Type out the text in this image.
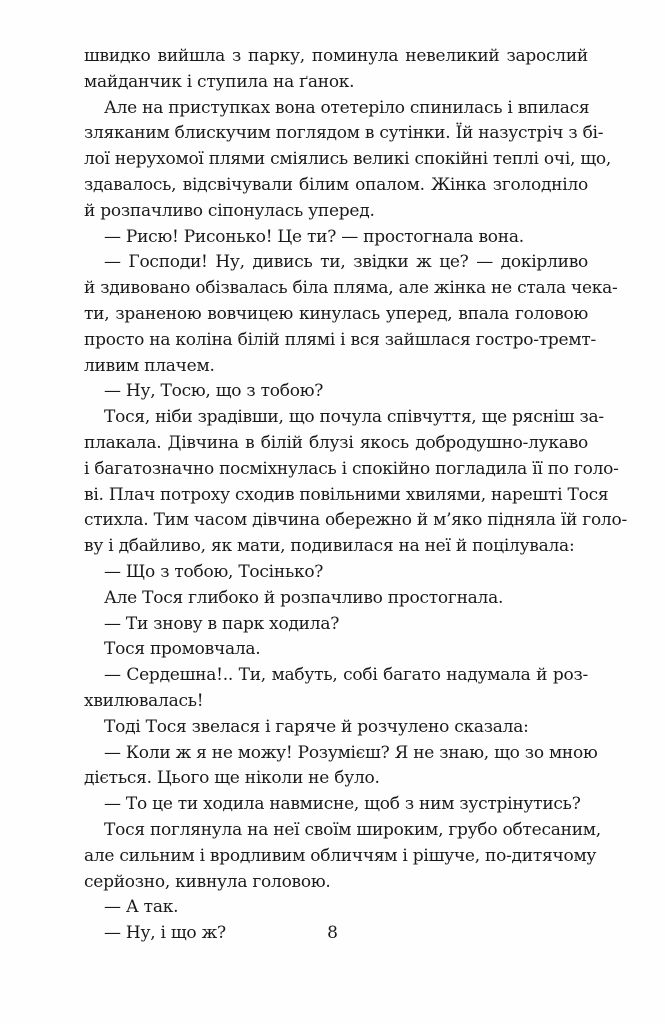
швидко вийшла з парку, поминула невеликий зарослий
майданчик і ступила на ґанок.
Але на приступках вона отетеріло спинилась і впилася
зляканим блискучим поглядом в сутінки. Їй назустріч з бі-
лої нерухомої плями сміялись великі спокійні теплі очі, що,
здавалось, відсвічували білим опалом. Жінка зголодніло
й розпачливо сіпонулась уперед.
— Рисю! Рисонько! Це ти? — простогнала вона.
— Господи! Ну, дивись ти, звідки ж це? — докірливо
й здивовано обізвалась біла пляма, але жінка не стала чека-
ти, зраненою вовчицею кинулась уперед, впала головою
просто на коліна білій плямі і вся зайшлася гостро-тремт-
ливим плачем.
— Ну, Тосю, що з тобою?
Тося, ніби зрадівши, що почула співчуття, ще рясніш за-
плакала. Дівчина в білій блузі якось добродушно-лукаво
і багатозначно посміхнулась і спокійно погладила її по голо-
ві. Плач потроху сходив повільними хвилями, нарешті Тося
стихла. Тим часом дівчина обережно й м’яко підняла їй голо-
ву і дбайливо, як мати, подивилася на неї й поцілувала:
— Що з тобою, Тосінько?
Але Тося глибоко й розпачливо простогнала.
— Ти знову в парк ходила?
Тося промовчала.
— Сердешна!.. Ти, мабуть, собі багато надумала й роз-
хвилювалась!
Тоді Тося звелася і гаряче й розчулено сказала:
— Коли ж я не можу! Розумієш? Я не знаю, що зо мною
діється. Цього ще ніколи не було.
— То це ти ходила навмисне, щоб з ним зустрінутись?
Тося поглянула на неї своїм широким, грубо обтесаним,
але сильним і вродливим обличчям і рішуче, по-дитячому
серйозно, кивнула головою.
— А так.
— Ну, і що ж?	8
